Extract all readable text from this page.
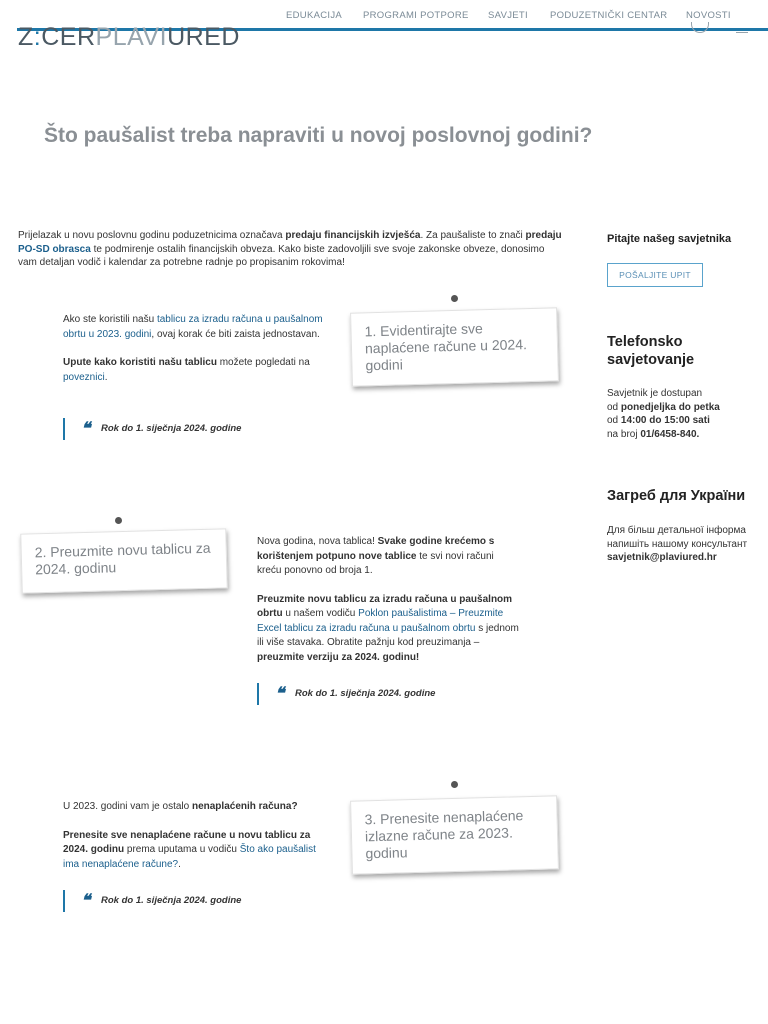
EDUKACIJA PROGRAMI POTPORE SAVJETI PODUZETNIČKI CENTAR NOVOSTI
Z:CERPLAVIURED
Što paušalist treba napraviti u novoj poslovnoj godini?
Prijelazak u novu poslovnu godinu poduzetnicima označava predaju financijskih izvješća. Za paušaliste to znači predaju PO-SD obrasca te podmirenje ostalih financijskih obveza. Kako biste zadovoljili sve svoje zakonske obveze, donosimo vam detaljan vodič i kalendar za potrebne radnje po propisanim rokovima!
Pitajte našeg savjetnika
POŠALJITE UPIT
Telefonsko savjetovanje
Savjetnik je dostupan
od ponedjeljka do petka
od 14:00 do 15:00 sati
na broj 01/6458-840.
Загреб для України
Для більш детальної інформа
напишіть нашому консультант
savjetnik@plaviured.hr
1. Evidentirajte sve naplaćene račune u 2024. godini
Ako ste koristili našu tablicu za izradu računa u paušalnom obrtu u 2023. godini, ovaj korak će biti zaista jednostavan.
Upute kako koristiti našu tablicu možete pogledati na poveznici.
❝ Rok do 1. siječnja 2024. godine
2. Preuzmite novu tablicu za 2024. godinu
Nova godina, nova tablica! Svake godine krećemo s korištenjem potpuno nove tablice te svi novi računi kreću ponovno od broja 1.
Preuzmite novu tablicu za izradu računa u paušalnom obrtu u našem vodiču Poklon paušalistima – Preuzmite Excel tablicu za izradu računa u paušalnom obrtu s jednom ili više stavaka. Obratite pažnju kod preuzimanja – preuzmite verziju za 2024. godinu!
❝ Rok do 1. siječnja 2024. godine
3. Prenesite nenaplaćene izlazne račune za 2023. godinu
U 2023. godini vam je ostalo nenaplaćenih računa?
Prenesite sve nenaplaćene račune u novu tablicu za 2024. godinu prema uputama u vodiču Što ako paušalist ima nenaplaćene račune?.
❝ Rok do 1. siječnja 2024. godine
